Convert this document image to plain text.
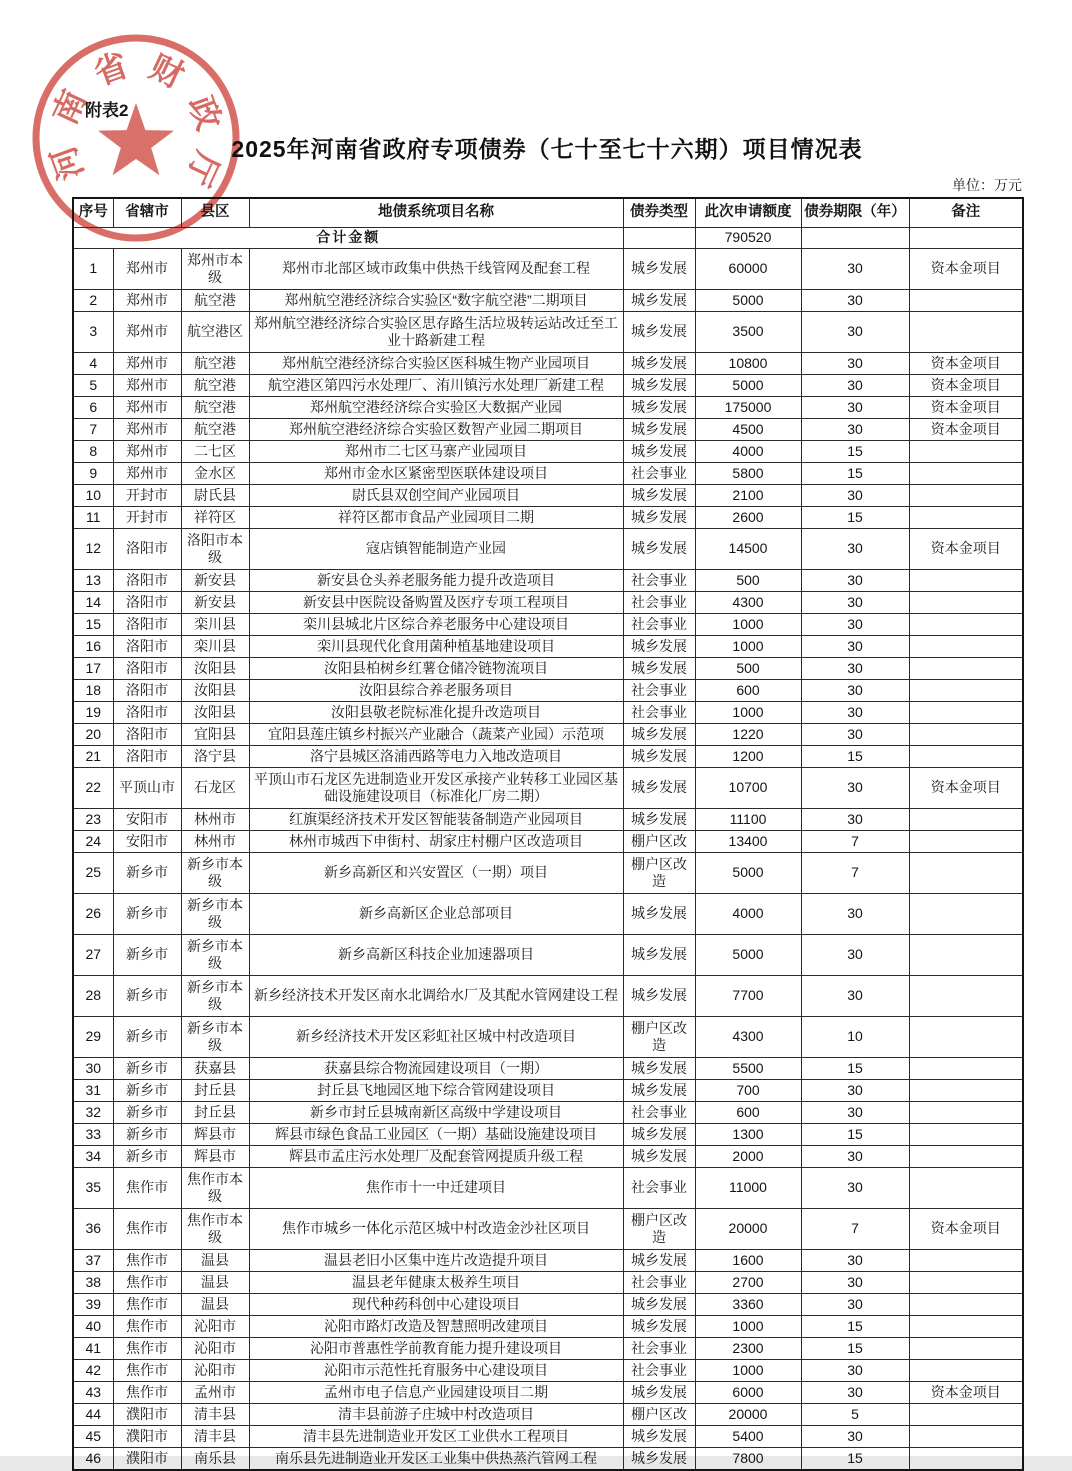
河
南
省 财
政
厅
附表2
2025年河南省政府专项债券（七十至七十六期）项目情况表
单位：万元
序号	省辖市	县区	地债系统项目名称	债券类型	此次申请额度	债券期限（年）	备注
合计金额					790520		
1	郑州市	郑州市本级	郑州市北部区域市政集中供热干线管网及配套工程	城乡发展	60000	30	资本金项目
2	郑州市	航空港	郑州航空港经济综合实验区“数字航空港”二期项目	城乡发展	5000	30	
3	郑州市	航空港区	郑州航空港经济综合实验区思存路生活垃圾转运站改迁至工业十路新建工程	城乡发展	3500	30	
4	郑州市	航空港	郑州航空港经济综合实验区医科城生物产业园项目	城乡发展	10800	30	资本金项目
5	郑州市	航空港	航空港区第四污水处理厂、洧川镇污水处理厂新建工程	城乡发展	5000	30	资本金项目
6	郑州市	航空港	郑州航空港经济综合实验区大数据产业园	城乡发展	175000	30	资本金项目
7	郑州市	航空港	郑州航空港经济综合实验区数智产业园二期项目	城乡发展	4500	30	资本金项目
8	郑州市	二七区	郑州市二七区马寨产业园项目	城乡发展	4000	15	
9	郑州市	金水区	郑州市金水区紧密型医联体建设项目	社会事业	5800	15	
10	开封市	尉氏县	尉氏县双创空间产业园项目	城乡发展	2100	30	
11	开封市	祥符区	祥符区都市食品产业园项目二期	城乡发展	2600	15	
12	洛阳市	洛阳市本级	寇店镇智能制造产业园	城乡发展	14500	30	资本金项目
13	洛阳市	新安县	新安县仓头养老服务能力提升改造项目	社会事业	500	30	
14	洛阳市	新安县	新安县中医院设备购置及医疗专项工程项目	社会事业	4300	30	
15	洛阳市	栾川县	栾川县城北片区综合养老服务中心建设项目	社会事业	1000	30	
16	洛阳市	栾川县	栾川县现代化食用菌种植基地建设项目	城乡发展	1000	30	
17	洛阳市	汝阳县	汝阳县柏树乡红薯仓储冷链物流项目	城乡发展	500	30	
18	洛阳市	汝阳县	汝阳县综合养老服务项目	社会事业	600	30	
19	洛阳市	汝阳县	汝阳县敬老院标准化提升改造项目	社会事业	1000	30	
20	洛阳市	宜阳县	宜阳县莲庄镇乡村振兴产业融合（蔬菜产业园）示范项	城乡发展	1220	30	
21	洛阳市	洛宁县	洛宁县城区洛浦西路等电力入地改造项目	城乡发展	1200	15	
22	平顶山市	石龙区	平顶山市石龙区先进制造业开发区承接产业转移工业园区基础设施建设项目（标准化厂房二期）	城乡发展	10700	30	资本金项目
23	安阳市	林州市	红旗渠经济技术开发区智能装备制造产业园项目	城乡发展	11100	30	
24	安阳市	林州市	林州市城西下申街村、胡家庄村棚户区改造项目	棚户区改	13400	7	
25	新乡市	新乡市本级	新乡高新区和兴安置区（一期）项目	棚户区改造	5000	7	
26	新乡市	新乡市本级	新乡高新区企业总部项目	城乡发展	4000	30	
27	新乡市	新乡市本级	新乡高新区科技企业加速器项目	城乡发展	5000	30	
28	新乡市	新乡市本级	新乡经济技术开发区南水北调给水厂及其配水管网建设工程	城乡发展	7700	30	
29	新乡市	新乡市本级	新乡经济技术开发区彩虹社区城中村改造项目	棚户区改造	4300	10	
30	新乡市	获嘉县	获嘉县综合物流园建设项目（一期）	城乡发展	5500	15	
31	新乡市	封丘县	封丘县飞地园区地下综合管网建设项目	城乡发展	700	30	
32	新乡市	封丘县	新乡市封丘县城南新区高级中学建设项目	社会事业	600	30	
33	新乡市	辉县市	辉县市绿色食品工业园区（一期）基础设施建设项目	城乡发展	1300	15	
34	新乡市	辉县市	辉县市孟庄污水处理厂及配套管网提质升级工程	城乡发展	2000	30	
35	焦作市	焦作市本级	焦作市十一中迁建项目	社会事业	11000	30	
36	焦作市	焦作市本级	焦作市城乡一体化示范区城中村改造金沙社区项目	棚户区改造	20000	7	资本金项目
37	焦作市	温县	温县老旧小区集中连片改造提升项目	城乡发展	1600	30	
38	焦作市	温县	温县老年健康太极养生项目	社会事业	2700	30	
39	焦作市	温县	现代种药科创中心建设项目	城乡发展	3360	30	
40	焦作市	沁阳市	沁阳市路灯改造及智慧照明改建项目	城乡发展	1000	15	
41	焦作市	沁阳市	沁阳市普惠性学前教育能力提升建设项目	社会事业	2300	15	
42	焦作市	沁阳市	沁阳市示范性托育服务中心建设项目	社会事业	1000	30	
43	焦作市	孟州市	孟州市电子信息产业园建设项目二期	城乡发展	6000	30	资本金项目
44	濮阳市	清丰县	清丰县前游子庄城中村改造项目	棚户区改	20000	5	
45	濮阳市	清丰县	清丰县先进制造业开发区工业供水工程项目	城乡发展	5400	30	
46	濮阳市	南乐县	南乐县先进制造业开发区工业集中供热蒸汽管网工程	城乡发展	7800	15	
